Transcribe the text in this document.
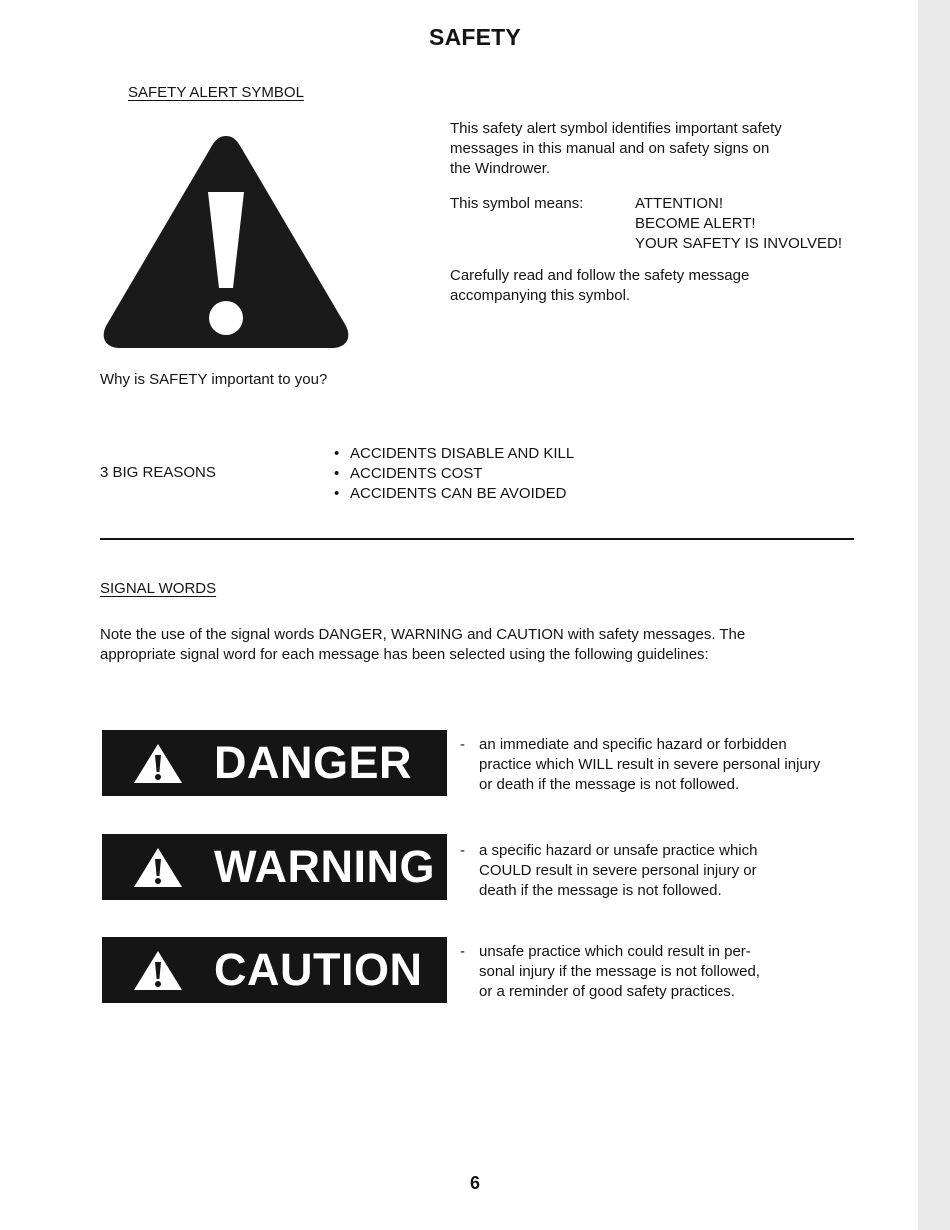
SAFETY
SAFETY ALERT SYMBOL
This safety alert symbol identifies important safety
messages in this manual and on safety signs on
the Windrower.
This symbol means:	ATTENTION!
BECOME ALERT!
YOUR SAFETY IS INVOLVED!
Carefully read and follow the safety message
accompanying this symbol.
Why is SAFETY important to you?
3 BIG REASONS
• ACCIDENTS DISABLE AND KILL
• ACCIDENTS COST
• ACCIDENTS CAN BE AVOIDED
SIGNAL WORDS
Note the use of the signal words DANGER, WARNING and CAUTION with safety messages. The
appropriate signal word for each message has been selected using the following guidelines:
DANGER	- an immediate and specific hazard or forbidden
practice which WILL result in severe personal injury
or death if the message is not followed.
WARNING - a specific hazard or unsafe practice which
COULD result in severe personal injury or
death if the message is not followed.
CAUTION	- unsafe practice which could result in per-
sonal injury if the message is not followed,
or a reminder of good safety practices.
6
